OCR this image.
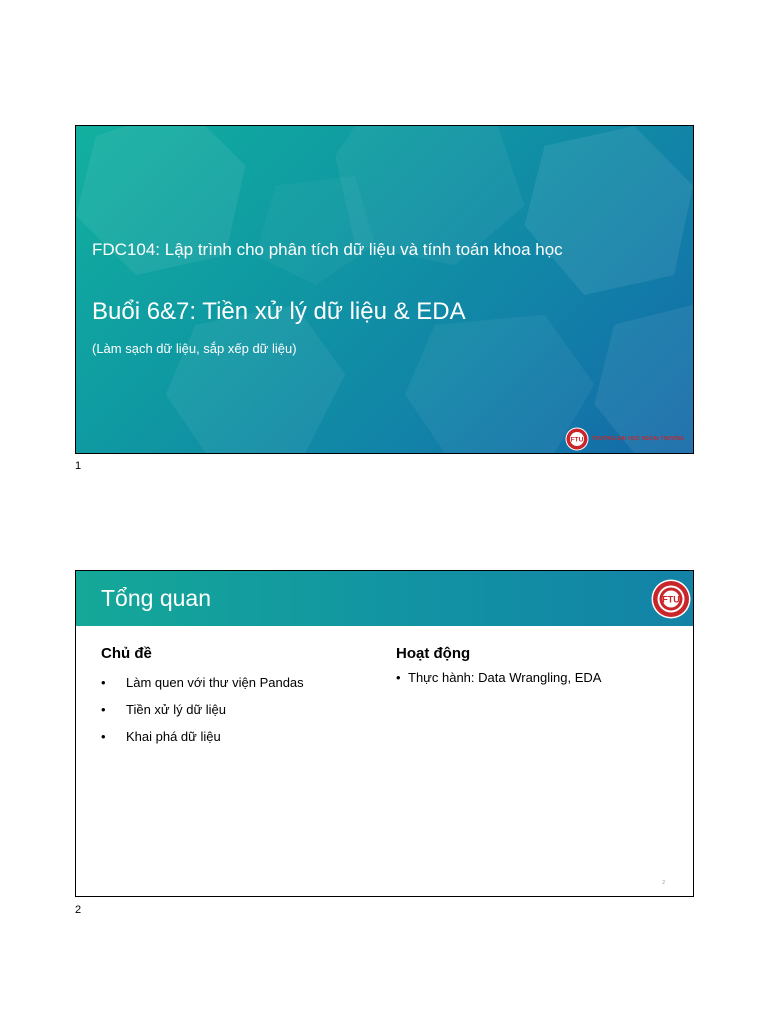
FDC104: Lập trình cho phân tích dữ liệu và tính toán khoa học
Buổi 6&7: Tiền xử lý dữ liệu & EDA
(Làm sạch dữ liệu, sắp xếp dữ liệu)
FTU TRƯỜNG ĐẠI HỌC NGOẠI THƯƠNG
1
Tổng quan	FTU
Chủ đề
• Làm quen với thư viện Pandas
• Tiền xử lý dữ liệu
• Khai phá dữ liệu
Hoạt động
• Thực hành: Data Wrangling, EDA
2
2
